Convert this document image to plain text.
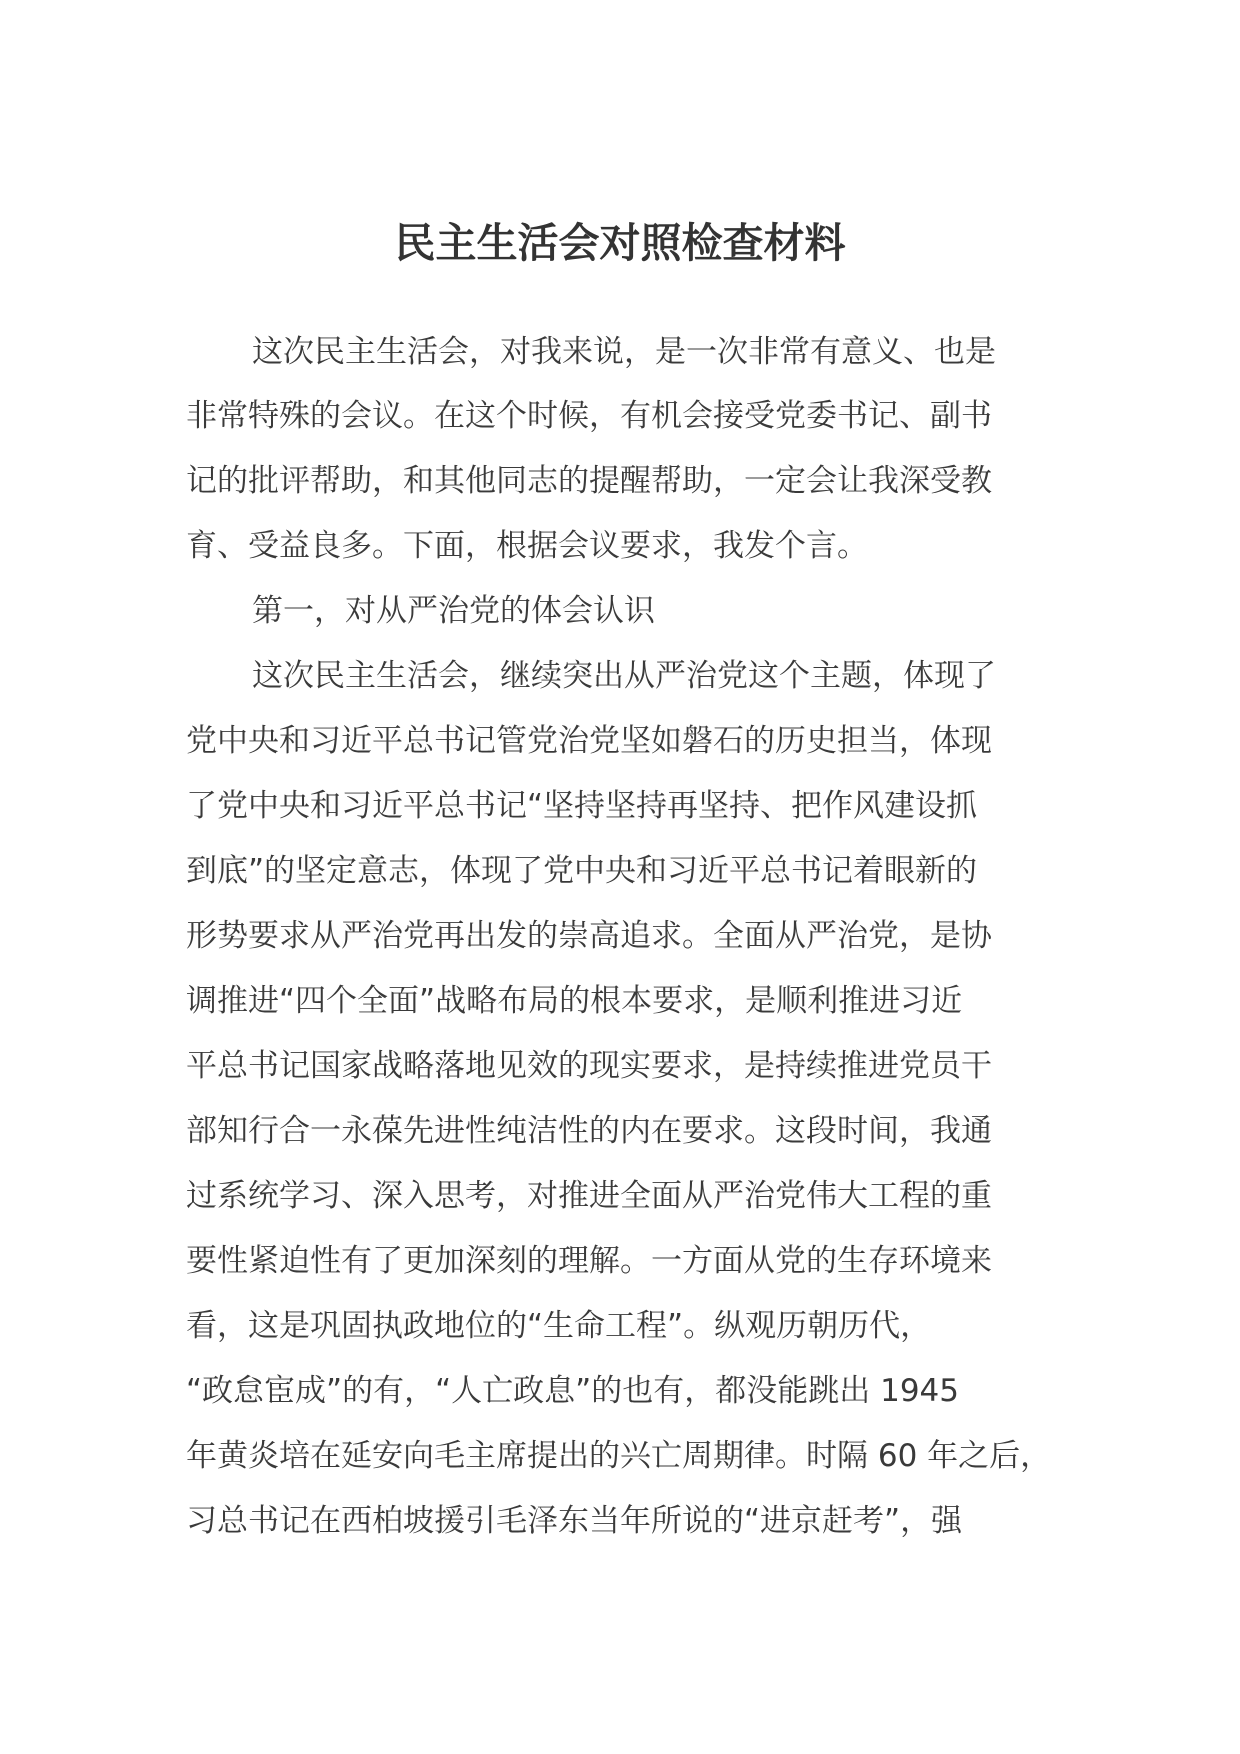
民主生活会对照检查材料
这次民主生活会，对我来说，是一次非常有意义、也是
非常特殊的会议。在这个时候，有机会接受党委书记、副书
记的批评帮助，和其他同志的提醒帮助，一定会让我深受教
育、受益良多。下面，根据会议要求，我发个言。
第一，对从严治党的体会认识
这次民主生活会，继续突出从严治党这个主题，体现了
党中央和习近平总书记管党治党坚如磐石的历史担当，体现
了党中央和习近平总书记“坚持坚持再坚持、把作风建设抓
到底”的坚定意志，体现了党中央和习近平总书记着眼新的
形势要求从严治党再出发的崇高追求。全面从严治党，是协
调推进“四个全面”战略布局的根本要求，是顺利推进习近
平总书记国家战略落地见效的现实要求，是持续推进党员干
部知行合一永葆先进性纯洁性的内在要求。这段时间，我通
过系统学习、深入思考，对推进全面从严治党伟大工程的重
要性紧迫性有了更加深刻的理解。一方面从党的生存环境来
看，这是巩固执政地位的“生命工程”。纵观历朝历代，
“政怠宦成”的有，“人亡政息”的也有，都没能跳出 1945
年黄炎培在延安向毛主席提出的兴亡周期律。时隔 60 年之后，
习总书记在西柏坡援引毛泽东当年所说的“进京赶考”，强
